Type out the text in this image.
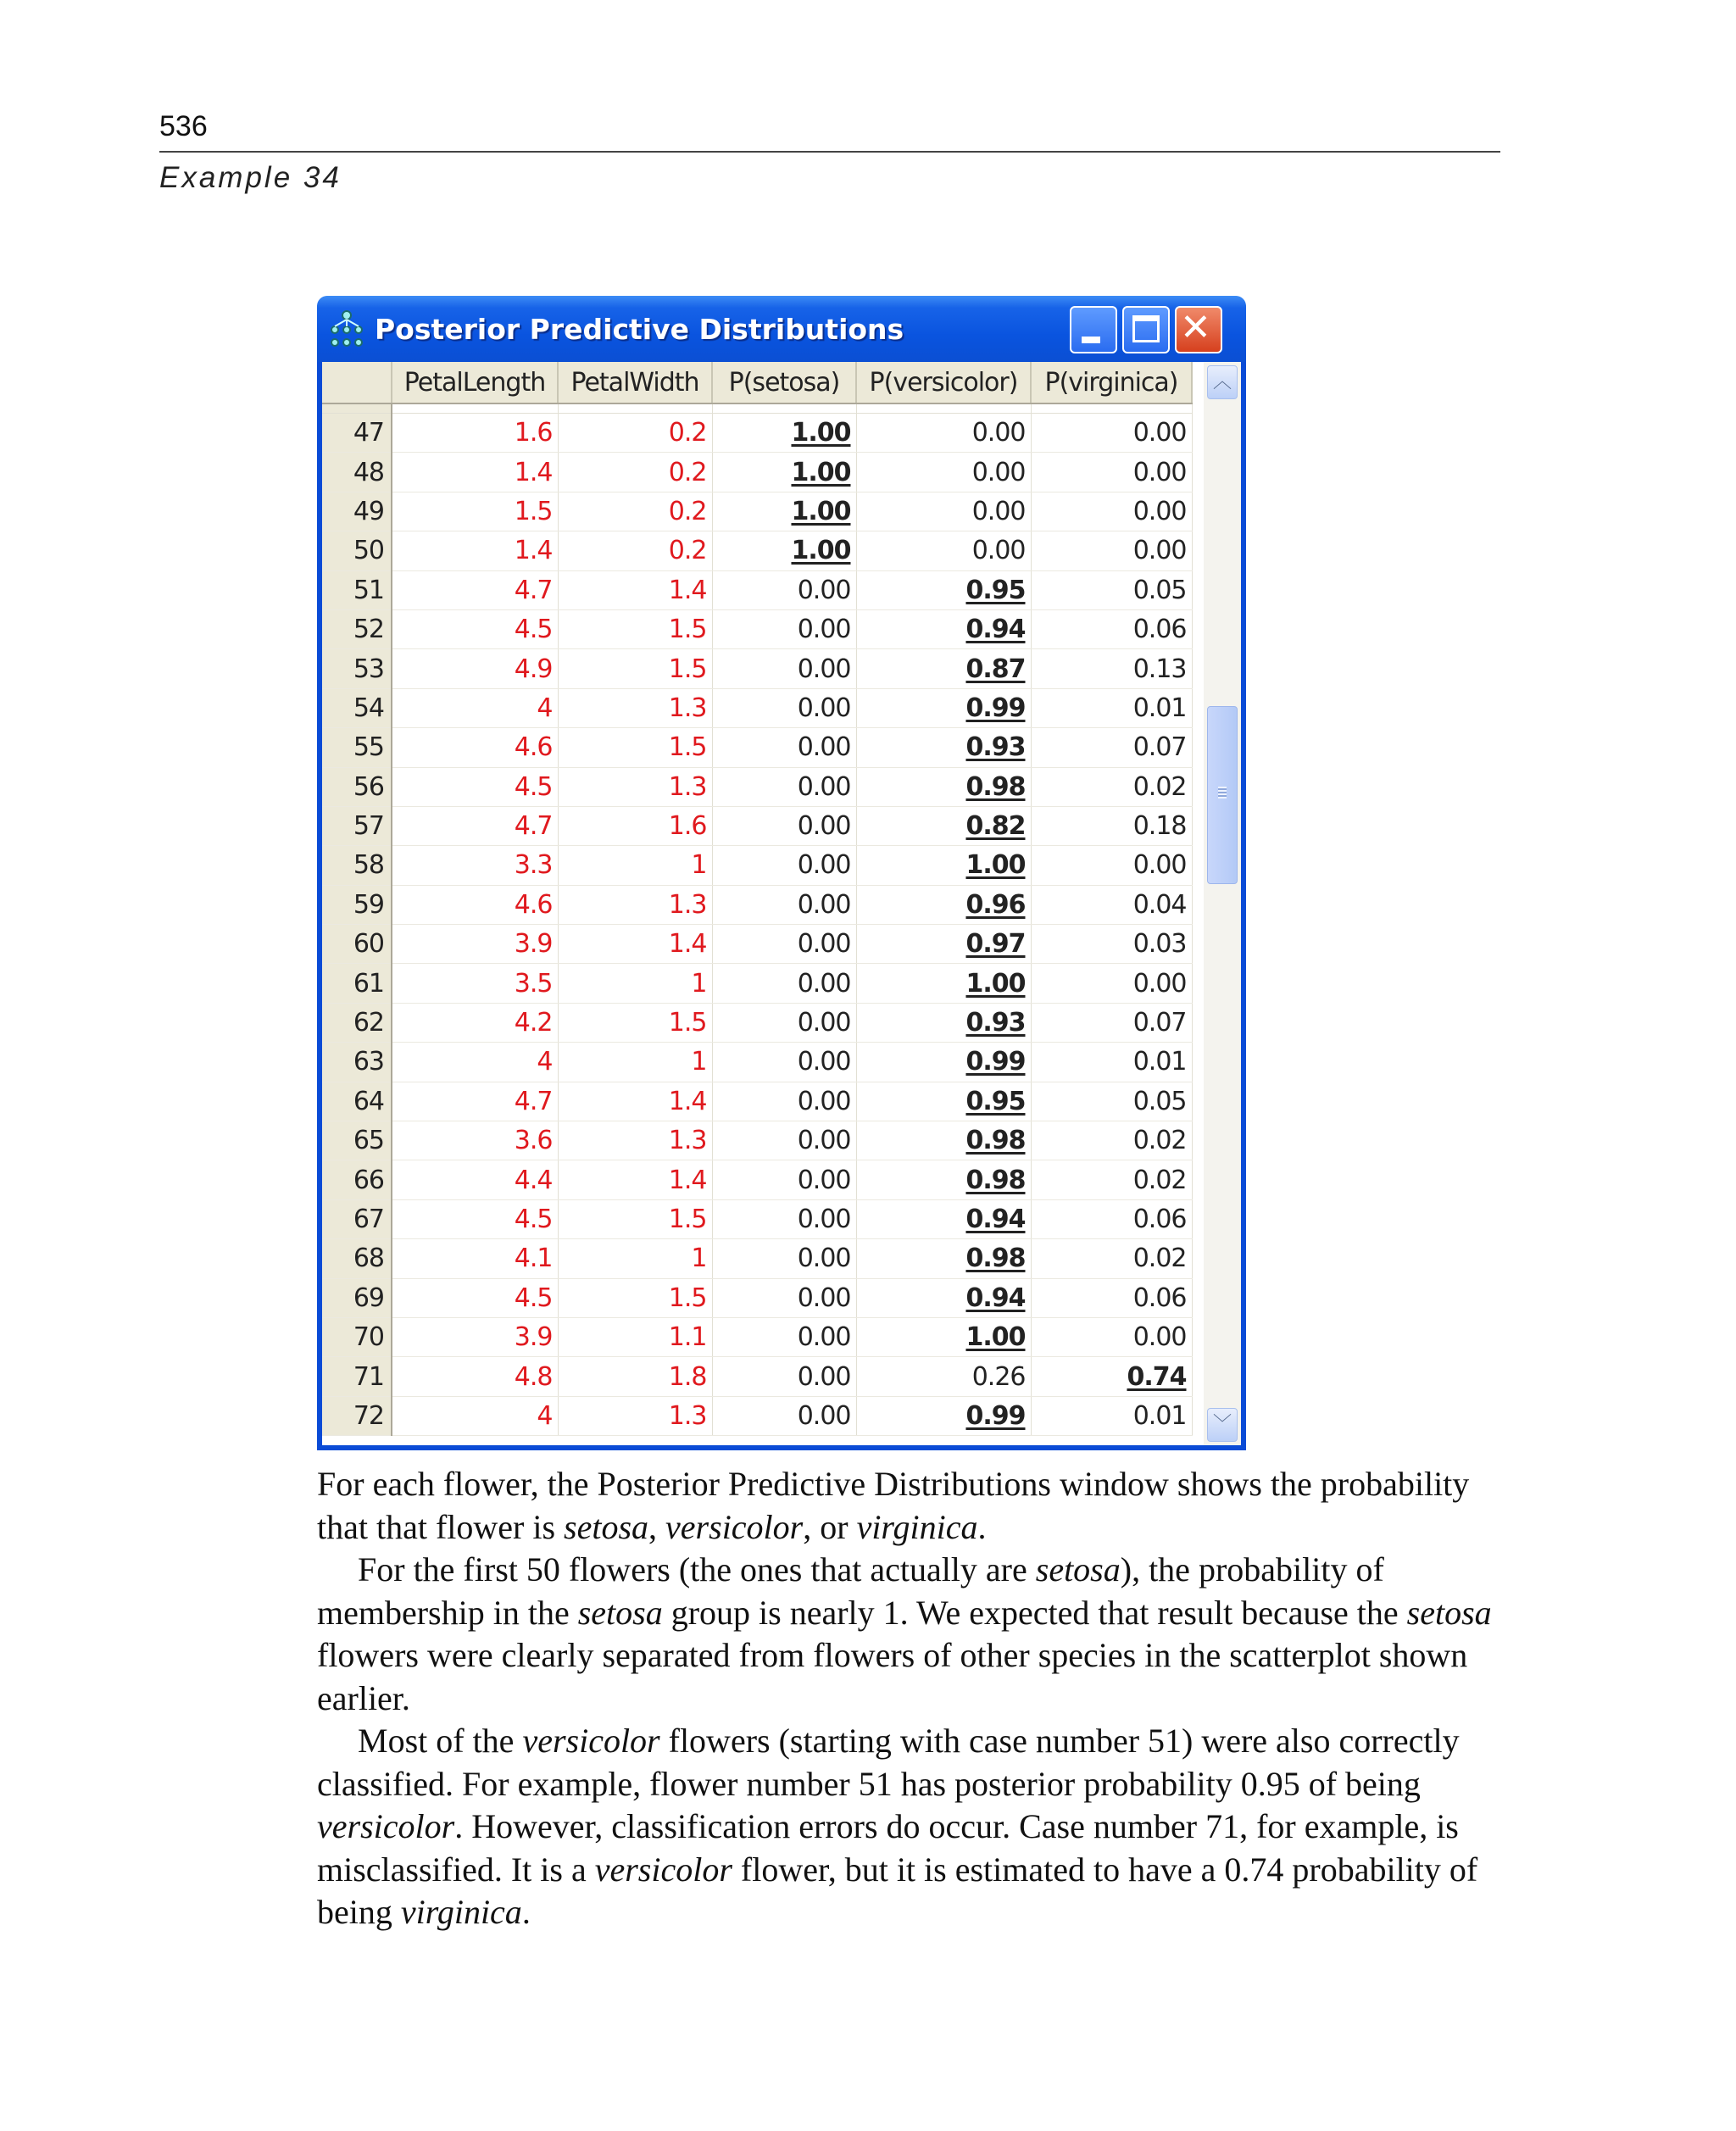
536
Example 34
Posterior Predictive Distributions	✕
	PetalLength	PetalWidth	P(setosa)	P(versicolor)	P(virginica)

47	1.6	0.2	1.00	0.00	0.00
48	1.4	0.2	1.00	0.00	0.00
49	1.5	0.2	1.00	0.00	0.00
50	1.4	0.2	1.00	0.00	0.00
51	4.7	1.4	0.00	0.95	0.05
52	4.5	1.5	0.00	0.94	0.06
53	4.9	1.5	0.00	0.87	0.13
54	4	1.3	0.00	0.99	0.01
55	4.6	1.5	0.00	0.93	0.07
56	4.5	1.3	0.00	0.98	0.02
57	4.7	1.6	0.00	0.82	0.18
58	3.3	1	0.00	1.00	0.00
59	4.6	1.3	0.00	0.96	0.04
60	3.9	1.4	0.00	0.97	0.03
61	3.5	1	0.00	1.00	0.00
62	4.2	1.5	0.00	0.93	0.07
63	4	1	0.00	0.99	0.01
64	4.7	1.4	0.00	0.95	0.05
65	3.6	1.3	0.00	0.98	0.02
66	4.4	1.4	0.00	0.98	0.02
67	4.5	1.5	0.00	0.94	0.06
68	4.1	1	0.00	0.98	0.02
69	4.5	1.5	0.00	0.94	0.06
70	3.9	1.1	0.00	1.00	0.00
71	4.8	1.8	0.00	0.26	0.74
72	4	1.3	0.00	0.99	0.01
︿
﹀

For each flower, the Posterior Predictive Distributions window shows the probability that that flower is setosa, versicolor, or virginica.

For the first 50 flowers (the ones that actually are setosa), the probability of membership in the setosa group is nearly 1. We expected that result because the setosa flowers were clearly separated from flowers of other species in the scatterplot shown earlier.

Most of the versicolor flowers (starting with case number 51) were also correctly classified. For example, flower number 51 has posterior probability 0.95 of being versicolor. However, classification errors do occur. Case number 71, for example, is misclassified. It is a versicolor flower, but it is estimated to have a 0.74 probability of being virginica.
